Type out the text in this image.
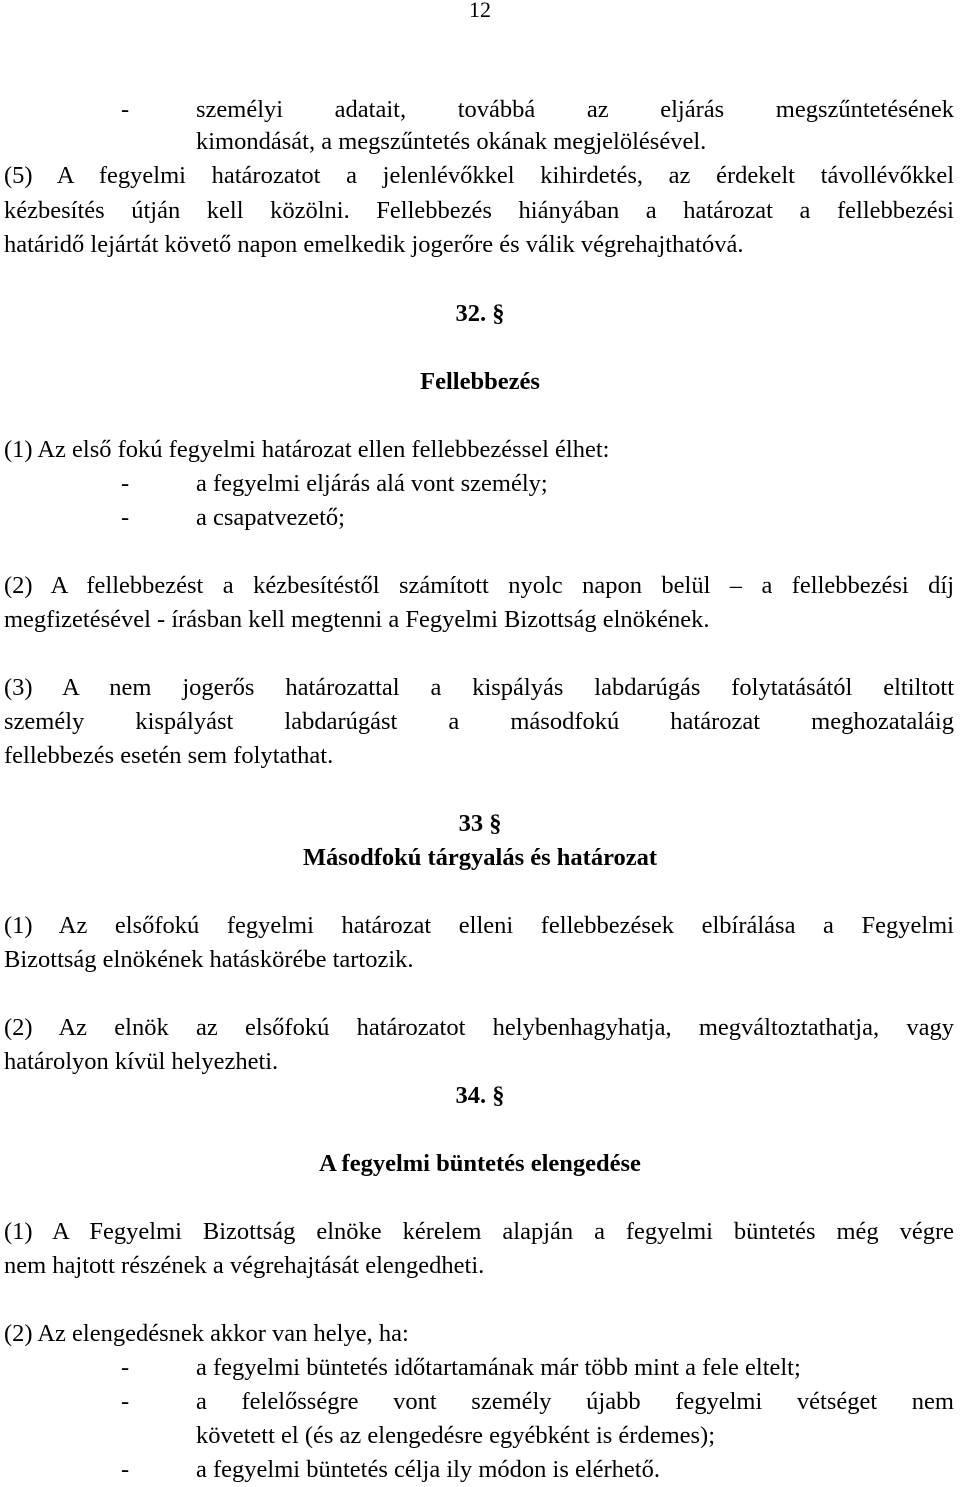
12
-	személyi adatait, továbbá az eljárás megszűntetésének
kimondását, a megszűntetés okának megjelölésével.
(5) A fegyelmi határozatot a jelenlévőkkel kihirdetés, az érdekelt távollévőkkel
kézbesítés útján kell közölni. Fellebbezés hiányában a határozat a fellebbezési
határidő lejártát követő napon emelkedik jogerőre és válik végrehajthatóvá.
32. §
Fellebbezés
(1) Az első fokú fegyelmi határozat ellen fellebbezéssel élhet:
-	a fegyelmi eljárás alá vont személy;
-	a csapatvezető;
(2) A fellebbezést a kézbesítéstől számított nyolc napon belül – a fellebbezési díj
megfizetésével - írásban kell megtenni a Fegyelmi Bizottság elnökének.
(3) A nem jogerős határozattal a kispályás labdarúgás folytatásától eltiltott
személy kispályást labdarúgást a másodfokú határozat meghozataláig
fellebbezés esetén sem folytathat.
33 §
Másodfokú tárgyalás és határozat
(1) Az elsőfokú fegyelmi határozat elleni fellebbezések elbírálása a Fegyelmi
Bizottság elnökének hatáskörébe tartozik.
(2) Az elnök az elsőfokú határozatot helybenhagyhatja, megváltoztathatja, vagy
határolyon kívül helyezheti.
34. §
A fegyelmi büntetés elengedése
(1) A Fegyelmi Bizottság elnöke kérelem alapján a fegyelmi büntetés még végre
nem hajtott részének a végrehajtását elengedheti.
(2) Az elengedésnek akkor van helye, ha:
-	a fegyelmi büntetés időtartamának már több mint a fele eltelt;
-	a felelősségre vont személy újabb fegyelmi vétséget nem
követett el (és az elengedésre egyébként is érdemes);
-	a fegyelmi büntetés célja ily módon is elérhető.
